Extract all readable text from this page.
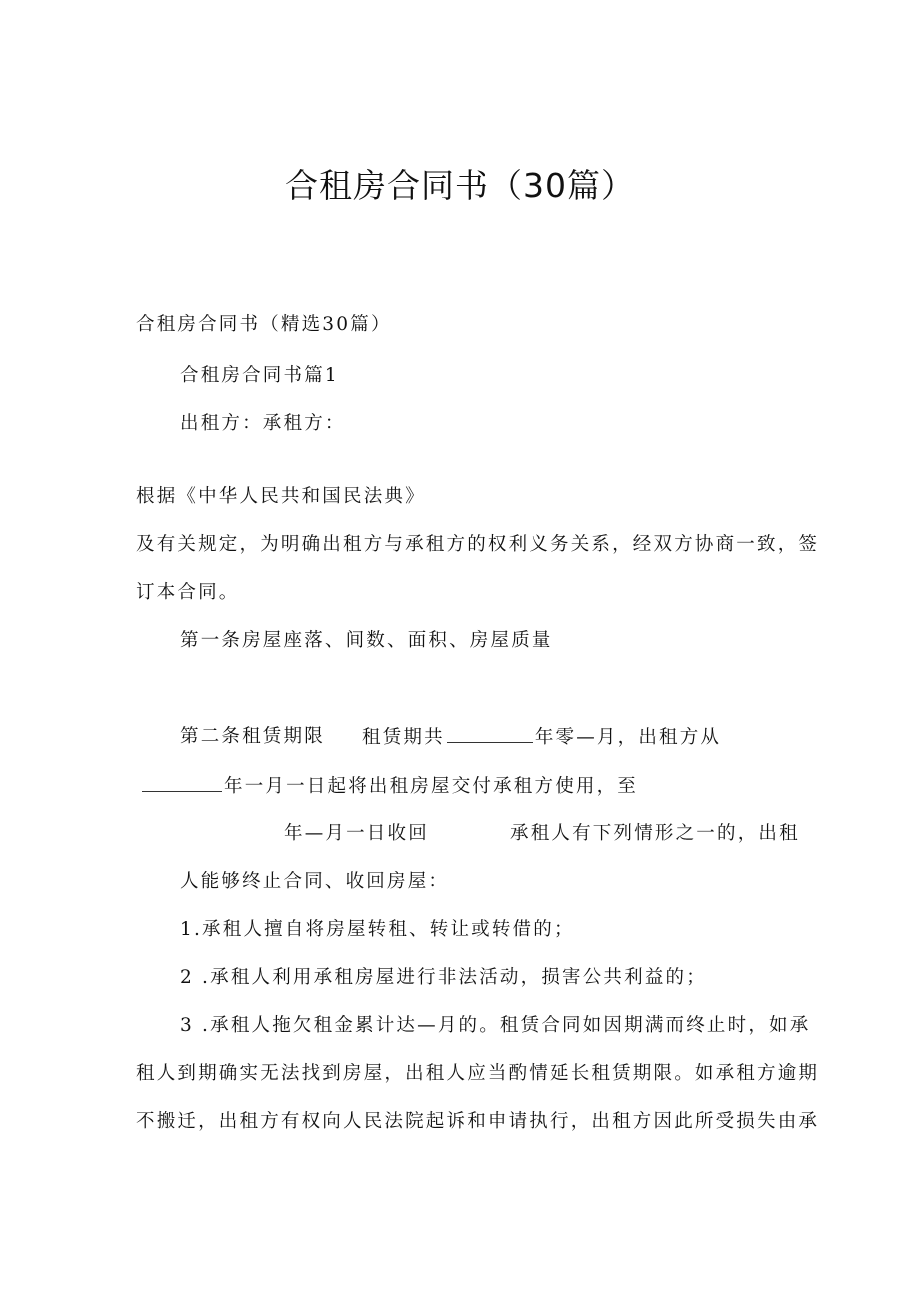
合租房合同书（30篇）
合租房合同书（精选30篇）
合租房合同书篇1
出租方：承租方：
根据《中华人民共和国民法典》
及有关规定，为明确出租方与承租方的权利义务关系，经双方协商一致，签
订本合同。
第一条房屋座落、间数、面积、房屋质量
第二条租赁期限 租赁期共	年零—月，出租方从
年一月一日起将出租房屋交付承租方使用，至
年—月一日收回	承租人有下列情形之一的，出租
人能够终止合同、收回房屋：
1.承租人擅自将房屋转租、转让或转借的；
2 .承租人利用承租房屋进行非法活动，损害公共利益的；
3 .承租人拖欠租金累计达—月的。租赁合同如因期满而终止时，如承
租人到期确实无法找到房屋，出租人应当酌情延长租赁期限。如承租方逾期
不搬迁，出租方有权向人民法院起诉和申请执行，出租方因此所受损失由承
